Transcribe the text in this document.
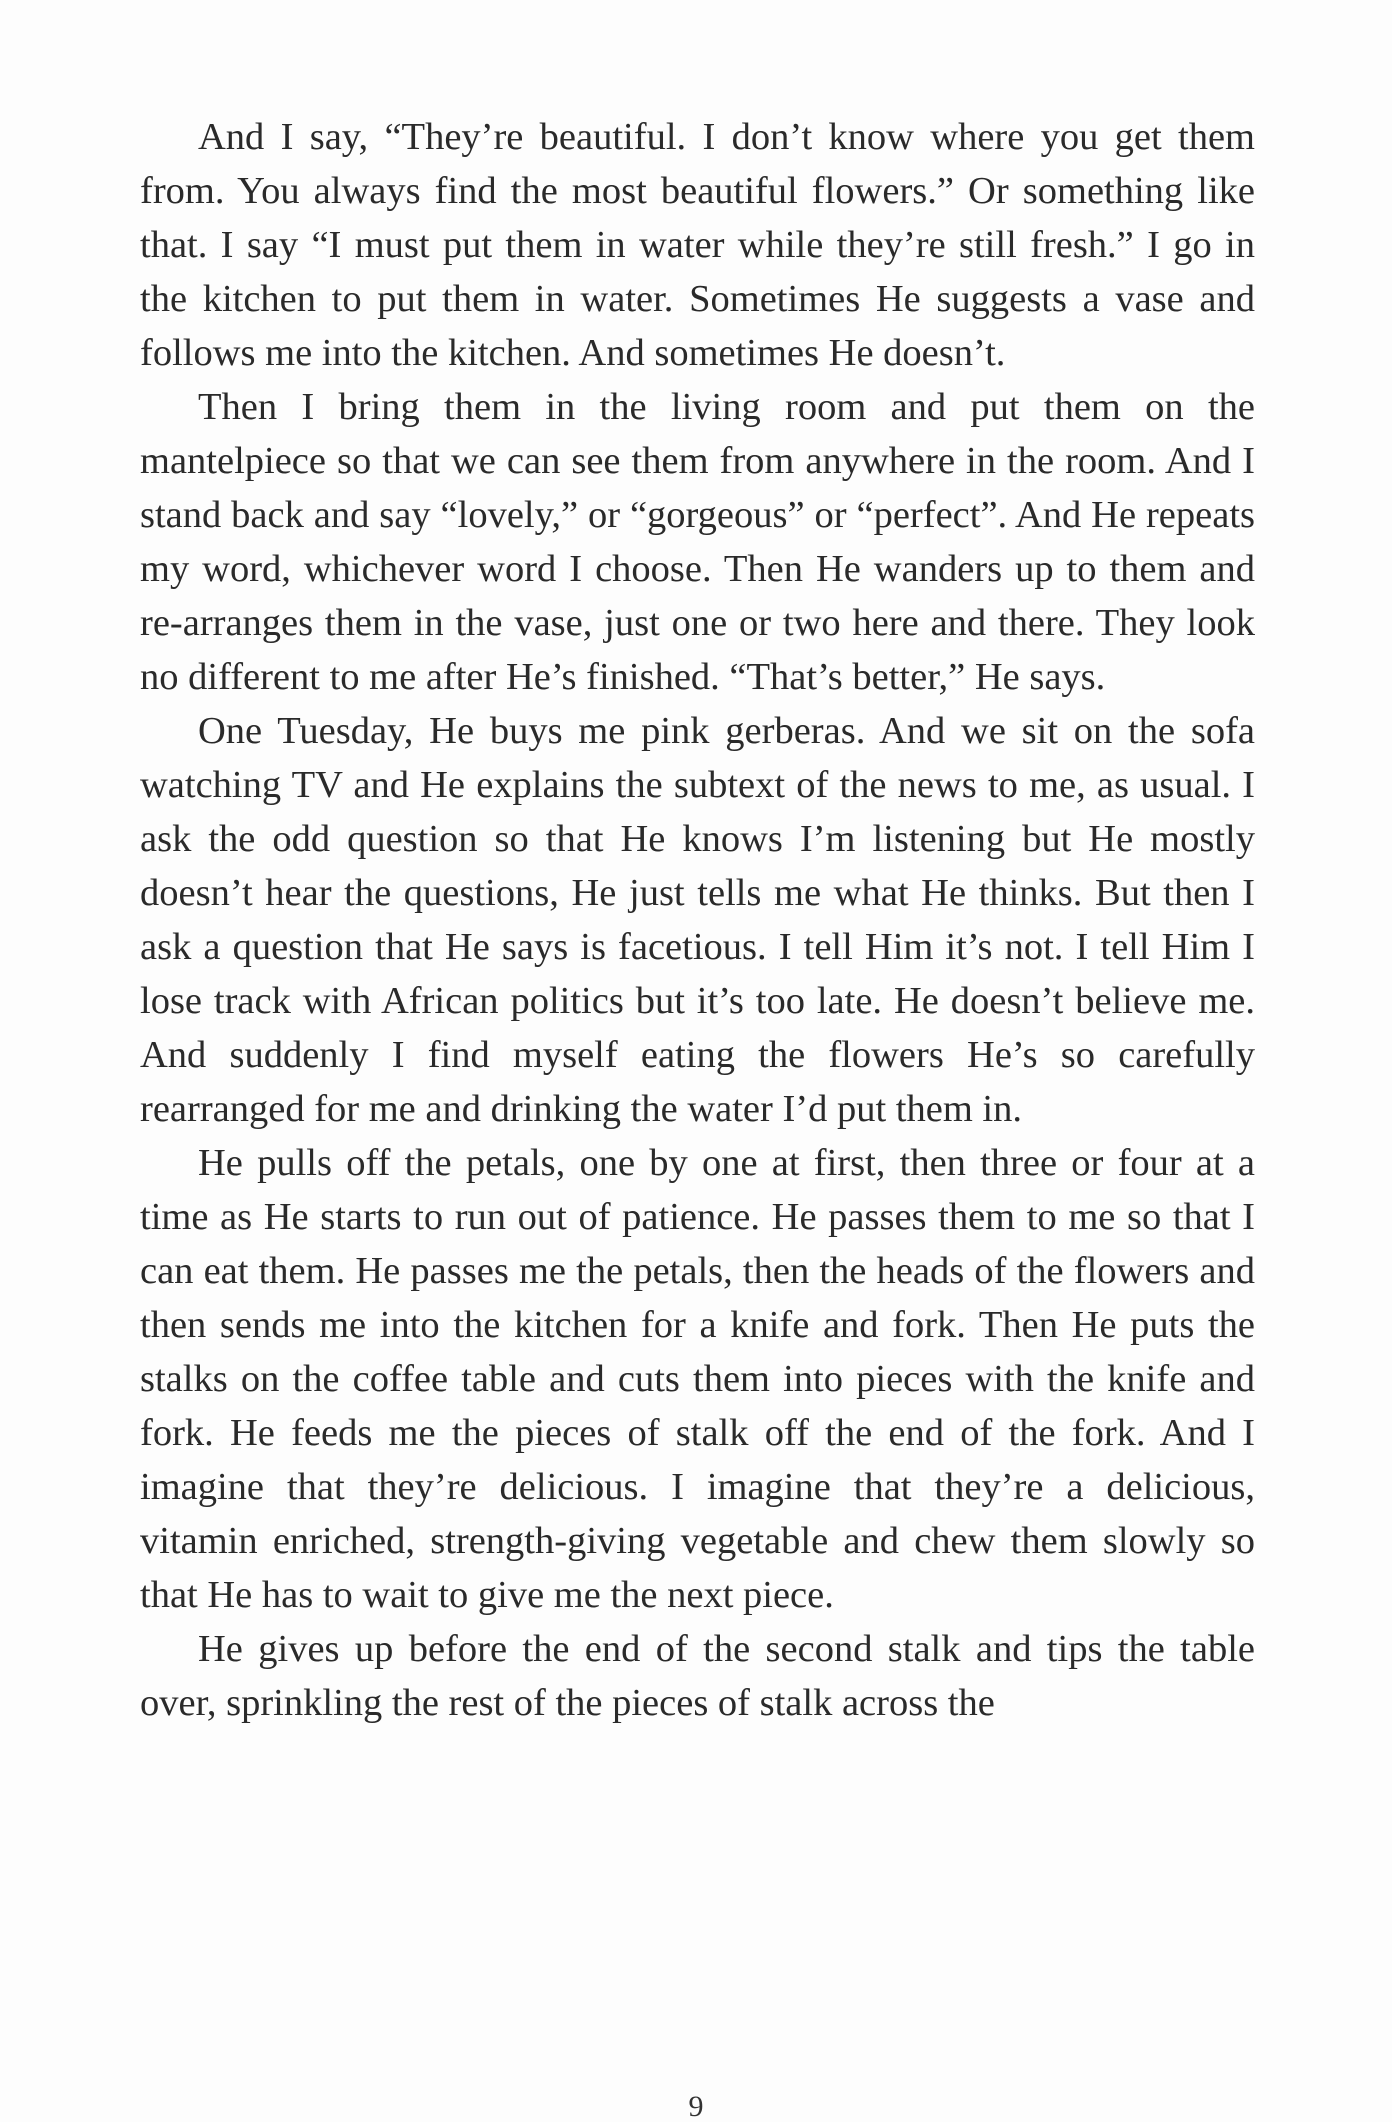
And I say, “They’re beautiful. I don’t know where you get them from. You always find the most beautiful flowers.” Or something like that. I say “I must put them in water while they’re still fresh.” I go in the kitchen to put them in water. Sometimes He suggests a vase and follows me into the kitchen. And sometimes He doesn’t.

Then I bring them in the living room and put them on the mantelpiece so that we can see them from anywhere in the room. And I stand back and say “lovely,” or “gorgeous” or “perfect”. And He repeats my word, whichever word I choose. Then He wanders up to them and re-arranges them in the vase, just one or two here and there. They look no different to me after He’s finished. “That’s better,” He says.

One Tuesday, He buys me pink gerberas. And we sit on the sofa watching TV and He explains the subtext of the news to me, as usual. I ask the odd question so that He knows I’m listening but He mostly doesn’t hear the questions, He just tells me what He thinks. But then I ask a question that He says is facetious. I tell Him it’s not. I tell Him I lose track with African politics but it’s too late. He doesn’t believe me. And suddenly I find myself eating the flowers He’s so carefully rearranged for me and drinking the water I’d put them in.

He pulls off the petals, one by one at first, then three or four at a time as He starts to run out of patience. He passes them to me so that I can eat them. He passes me the petals, then the heads of the flowers and then sends me into the kitchen for a knife and fork. Then He puts the stalks on the coffee table and cuts them into pieces with the knife and fork. He feeds me the pieces of stalk off the end of the fork. And I imagine that they’re delicious. I imagine that they’re a delicious, vitamin enriched, strength-giving vegetable and chew them slowly so that He has to wait to give me the next piece.

He gives up before the end of the second stalk and tips the table over, sprinkling the rest of the pieces of stalk across the

9
